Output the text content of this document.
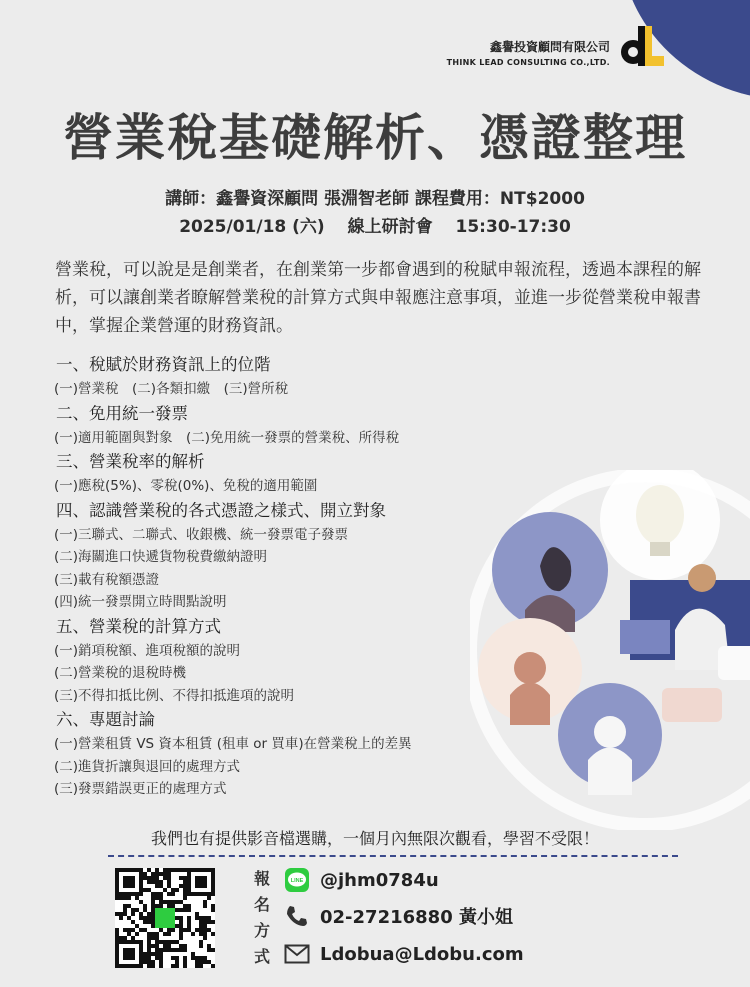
鑫譽投資顧問有限公司
THINK LEAD CONSULTING CO.,LTD.
營業稅基礎解析、憑證整理
講師：鑫譽資深顧問 張淵智老師 課程費用：NT$2000
2025/01/18 (六)　 線上研討會　 15:30-17:30
營業稅，可以說是是創業者，在創業第一步都會遇到的稅賦申報流程，透過本課程的解析，可以讓創業者瞭解營業稅的計算方式與申報應注意事項，並進一步從營業稅申報書中，掌握企業營運的財務資訊。
一、稅賦於財務資訊上的位階
(一)營業稅　(二)各類扣繳　(三)營所稅
二、免用統一發票
(一)適用範圍與對象　(二)免用統一發票的營業稅、所得稅
三、營業稅率的解析
(一)應稅(5%)、零稅(0%)、免稅的適用範圍
四、認識營業稅的各式憑證之樣式、開立對象
(一)三聯式、二聯式、收銀機、統一發票電子發票
(二)海關進口快遞貨物稅費繳納證明
(三)載有稅額憑證
(四)統一發票開立時間點說明
五、營業稅的計算方式
(一)銷項稅額、進項稅額的說明
(二)營業稅的退稅時機
(三)不得扣抵比例、不得扣抵進項的說明
六、專題討論
(一)營業租賃 VS 資本租賃 (租車 or 買車)在營業稅上的差異
(二)進貨折讓與退回的處理方式
(三)發票錯誤更正的處理方式
我們也有提供影音檔選購，一個月內無限次觀看，學習不受限！
報
名
方
式
LINE @jhm0784u
02-27216880 黃小姐
Ldobua@Ldobu.com
